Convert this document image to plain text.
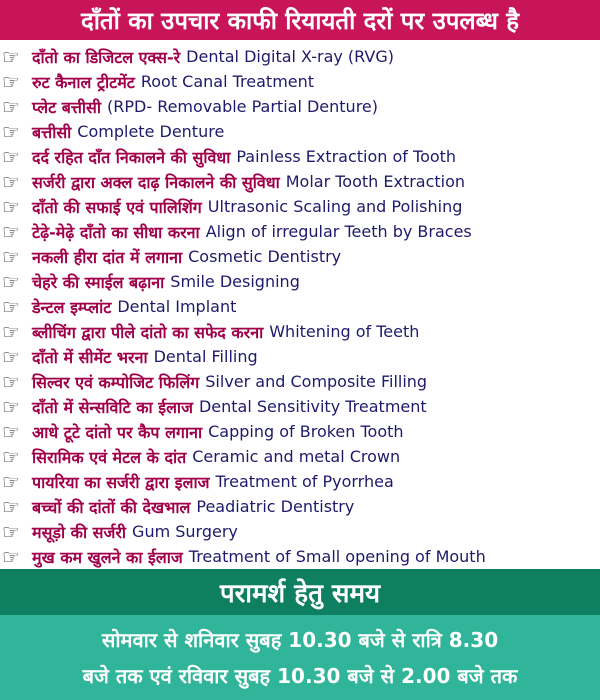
दाँतों का उपचार काफी रियायती दरों पर उपलब्ध है
☞ दाँतो का डिजिटल एक्स-रे Dental Digital X-ray (RVG)
☞ रुट कैनाल ट्रीटमेंट Root Canal Treatment
☞ प्लेट बत्तीसी (RPD- Removable Partial Denture)
☞ बत्तीसी Complete Denture
☞ दर्द रहित दाँत निकालने की सुविधा Painless Extraction of Tooth
☞ सर्जरी द्वारा अक्ल दाढ़ निकालने की सुविधा Molar Tooth Extraction
☞ दाँतो की सफाई एवं पालिशिंग Ultrasonic Scaling and Polishing
☞ टेढ़े-मेढ़े दाँतो का सीधा करना Align of irregular Teeth by Braces
☞ नकली हीरा दांत में लगाना Cosmetic Dentistry
☞ चेहरे की स्माईल बढ़ाना Smile Designing
☞ डेन्टल इम्प्लांट Dental Implant
☞ ब्लीचिंग द्वारा पीले दांतो का सफेद करना Whitening of Teeth
☞ दाँतो में सीमेंट भरना Dental Filling
☞ सिल्वर एवं कम्पोजिट फिलिंग Silver and Composite Filling
☞ दाँतो में सेन्सविटि का ईलाज Dental Sensitivity Treatment
☞ आधे टूटे दांतो पर कैप लगाना Capping of Broken Tooth
☞ सिरामिक एवं मेटल के दांत Ceramic and metal Crown
☞ पायरिया का सर्जरी द्वारा इलाज Treatment of Pyorrhea
☞ बच्चों की दांतों की देखभाल Peadiatric Dentistry
☞ मसूड़ो की सर्जरी Gum Surgery
☞ मुख कम खुलने का ईलाज Treatment of Small opening of Mouth
परामर्श हेतु समय
सोमवार से शनिवार सुबह 10.30 बजे से रात्रि 8.30
बजे तक एवं रविवार सुबह 10.30 बजे से 2.00 बजे तक
